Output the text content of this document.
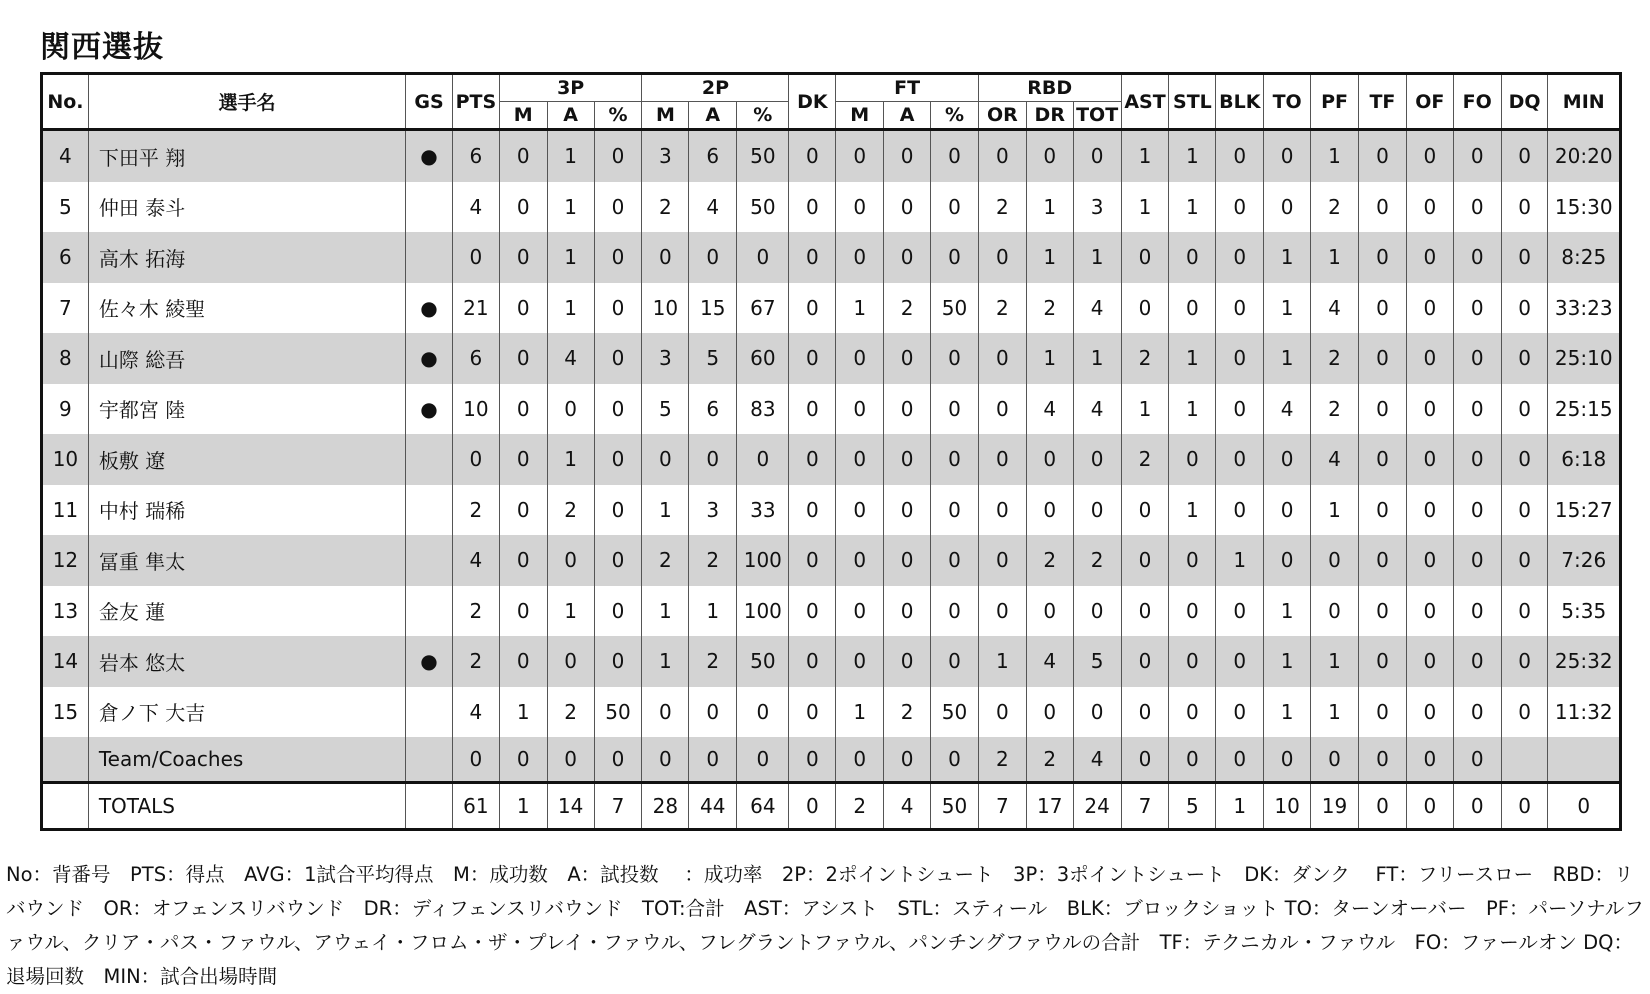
関西選抜
No.	選手名	GS	PTS	3P			2P			DK	FT			RBD			AST	STL	BLK	TO	PF	TF	OF	FO	DQ	MIN
				M	A	%	M	A	%		M	A	%	OR	DR	TOT										
4	下田平 翔	●	6	0	1	0	3	6	50	0	0	0	0	0	0	0	1	1	0	0	1	0	0	0	0	20:20
5	仲田 泰斗		4	0	1	0	2	4	50	0	0	0	0	2	1	3	1	1	0	0	2	0	0	0	0	15:30
6	高木 拓海		0	0	1	0	0	0	0	0	0	0	0	0	1	1	0	0	0	1	1	0	0	0	0	8:25
7	佐々木 綾聖	●	21	0	1	0	10	15	67	0	1	2	50	2	2	4	0	0	0	1	4	0	0	0	0	33:23
8	山際 総吾	●	6	0	4	0	3	5	60	0	0	0	0	0	1	1	2	1	0	1	2	0	0	0	0	25:10
9	宇都宮 陸	●	10	0	0	0	5	6	83	0	0	0	0	0	4	4	1	1	0	4	2	0	0	0	0	25:15
10	板敷 遼		0	0	1	0	0	0	0	0	0	0	0	0	0	0	2	0	0	0	4	0	0	0	0	6:18
11	中村 瑞稀		2	0	2	0	1	3	33	0	0	0	0	0	0	0	0	1	0	0	1	0	0	0	0	15:27
12	冨重 隼太		4	0	0	0	2	2	100	0	0	0	0	0	2	2	0	0	1	0	0	0	0	0	0	7:26
13	金友 蓮		2	0	1	0	1	1	100	0	0	0	0	0	0	0	0	0	0	1	0	0	0	0	0	5:35
14	岩本 悠太	●	2	0	0	0	1	2	50	0	0	0	0	1	4	5	0	0	0	1	1	0	0	0	0	25:32
15	倉ノ下 大吉		4	1	2	50	0	0	0	0	1	2	50	0	0	0	0	0	0	1	1	0	0	0	0	11:32
	Team/Coaches		0	0	0	0	0	0	0	0	0	0	0	2	2	4	0	0	0	0	0	0	0	0		
	TOTALS		61	1	14	7	28	44	64	0	2	4	50	7	17	24	7	5	1	10	19	0	0	0	0	0
No：背番号　PTS：得点　AVG：1試合平均得点　M：成功数　A：試投数　 ：成功率　2P：2ポイントシュート　3P：3ポイントシュート　DK：ダンク　 FT：フリースロー　RBD：リバウンド　OR：オフェンスリバウンド　DR：ディフェンスリバウンド　TOT:合計　AST：アシスト　STL：スティール　BLK：ブロックショット TO：ターンオーバー　PF：パーソナルファウル、クリア・パス・ファウル、アウェイ・フロム・ザ・プレイ・ファウル、フレグラントファウル、パンチングファウルの合計　TF：テクニカル・ファウル　FO：ファールオン DQ：退場回数　MIN：試合出場時間
